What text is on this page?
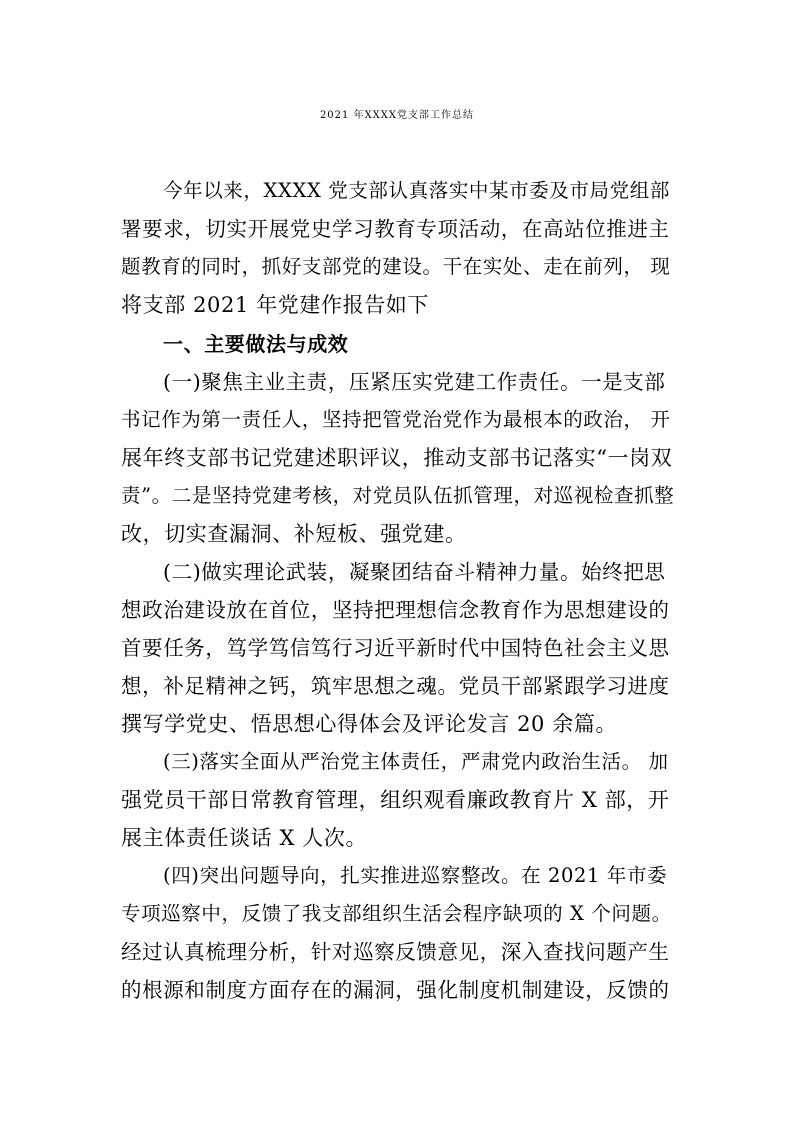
2021 年XXXX党支部工作总结
今年以来，XXXX 党支部认真落实中某市委及市局党组部
署要求，切实开展党史学习教育专项活动，在高站位推进主
题教育的同时，抓好支部党的建设。干在实处、走在前列， 现
将支部 2021 年党建作报告如下
一、主要做法与成效
(一)聚焦主业主责，压紧压实党建工作责任。一是支部
书记作为第一责任人，坚持把管党治党作为最根本的政治， 开
展年终支部书记党建述职评议，推动支部书记落实“一岗双
责”。二是坚持党建考核，对党员队伍抓管理，对巡视检查抓整
改，切实查漏洞、补短板、强党建。
(二)做实理论武装，凝聚团结奋斗精神力量。始终把思
想政治建设放在首位，坚持把理想信念教育作为思想建设的
首要任务，笃学笃信笃行习近平新时代中国特色社会主义思
想，补足精神之钙，筑牢思想之魂。党员干部紧跟学习进度
撰写学党史、悟思想心得体会及评论发言 20 余篇。
(三)落实全面从严治党主体责任，严肃党内政治生活。 加
强党员干部日常教育管理，组织观看廉政教育片 X 部，开
展主体责任谈话 X 人次。
(四)突出问题导向，扎实推进巡察整改。在 2021 年市委
专项巡察中，反馈了我支部组织生活会程序缺项的 X 个问题。
经过认真梳理分析，针对巡察反馈意见，深入查找问题产生
的根源和制度方面存在的漏洞，强化制度机制建设，反馈的
